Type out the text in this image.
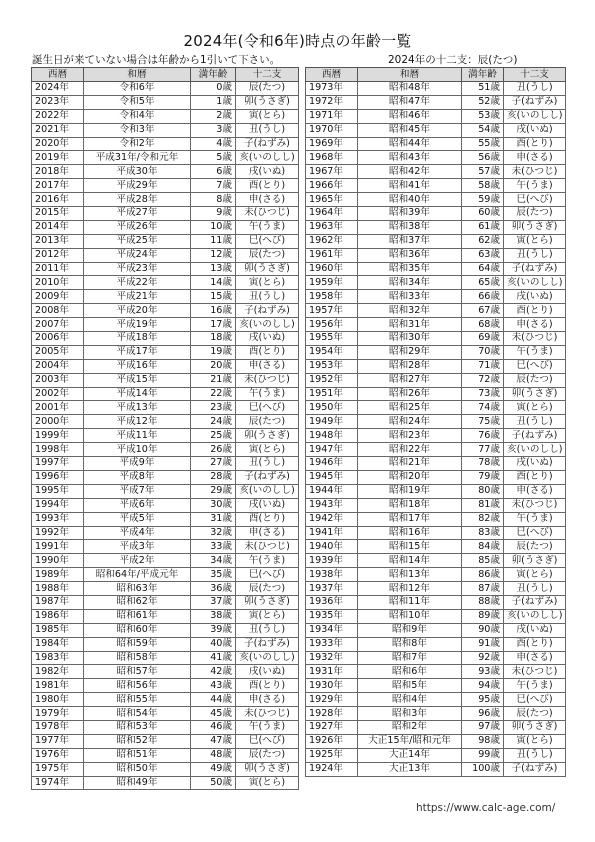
2024年(令和6年)時点の年齢一覧
誕生日が来ていない場合は年齢から1引いて下さい。	2024年の十二支：辰(たつ)
西暦	和暦	満年齢	十二支
2024年	令和6年	0歳	辰(たつ)
2023年	令和5年	1歳	卯(うさぎ)
2022年	令和4年	2歳	寅(とら)
2021年	令和3年	3歳	丑(うし)
2020年	令和2年	4歳	子(ねずみ)
2019年	平成31年/令和元年	5歳	亥(いのしし)
2018年	平成30年	6歳	戌(いぬ)
2017年	平成29年	7歳	酉(とり)
2016年	平成28年	8歳	申(さる)
2015年	平成27年	9歳	未(ひつじ)
2014年	平成26年	10歳	午(うま)
2013年	平成25年	11歳	巳(へび)
2012年	平成24年	12歳	辰(たつ)
2011年	平成23年	13歳	卯(うさぎ)
2010年	平成22年	14歳	寅(とら)
2009年	平成21年	15歳	丑(うし)
2008年	平成20年	16歳	子(ねずみ)
2007年	平成19年	17歳	亥(いのしし)
2006年	平成18年	18歳	戌(いぬ)
2005年	平成17年	19歳	酉(とり)
2004年	平成16年	20歳	申(さる)
2003年	平成15年	21歳	未(ひつじ)
2002年	平成14年	22歳	午(うま)
2001年	平成13年	23歳	巳(へび)
2000年	平成12年	24歳	辰(たつ)
1999年	平成11年	25歳	卯(うさぎ)
1998年	平成10年	26歳	寅(とら)
1997年	平成9年	27歳	丑(うし)
1996年	平成8年	28歳	子(ねずみ)
1995年	平成7年	29歳	亥(いのしし)
1994年	平成6年	30歳	戌(いぬ)
1993年	平成5年	31歳	酉(とり)
1992年	平成4年	32歳	申(さる)
1991年	平成3年	33歳	未(ひつじ)
1990年	平成2年	34歳	午(うま)
1989年	昭和64年/平成元年	35歳	巳(へび)
1988年	昭和63年	36歳	辰(たつ)
1987年	昭和62年	37歳	卯(うさぎ)
1986年	昭和61年	38歳	寅(とら)
1985年	昭和60年	39歳	丑(うし)
1984年	昭和59年	40歳	子(ねずみ)
1983年	昭和58年	41歳	亥(いのしし)
1982年	昭和57年	42歳	戌(いぬ)
1981年	昭和56年	43歳	酉(とり)
1980年	昭和55年	44歳	申(さる)
1979年	昭和54年	45歳	未(ひつじ)
1978年	昭和53年	46歳	午(うま)
1977年	昭和52年	47歳	巳(へび)
1976年	昭和51年	48歳	辰(たつ)
1975年	昭和50年	49歳	卯(うさぎ)
1974年	昭和49年	50歳	寅(とら)
西暦	和暦	満年齢	十二支
1973年	昭和48年	51歳	丑(うし)
1972年	昭和47年	52歳	子(ねずみ)
1971年	昭和46年	53歳	亥(いのしし)
1970年	昭和45年	54歳	戌(いぬ)
1969年	昭和44年	55歳	酉(とり)
1968年	昭和43年	56歳	申(さる)
1967年	昭和42年	57歳	未(ひつじ)
1966年	昭和41年	58歳	午(うま)
1965年	昭和40年	59歳	巳(へび)
1964年	昭和39年	60歳	辰(たつ)
1963年	昭和38年	61歳	卯(うさぎ)
1962年	昭和37年	62歳	寅(とら)
1961年	昭和36年	63歳	丑(うし)
1960年	昭和35年	64歳	子(ねずみ)
1959年	昭和34年	65歳	亥(いのしし)
1958年	昭和33年	66歳	戌(いぬ)
1957年	昭和32年	67歳	酉(とり)
1956年	昭和31年	68歳	申(さる)
1955年	昭和30年	69歳	未(ひつじ)
1954年	昭和29年	70歳	午(うま)
1953年	昭和28年	71歳	巳(へび)
1952年	昭和27年	72歳	辰(たつ)
1951年	昭和26年	73歳	卯(うさぎ)
1950年	昭和25年	74歳	寅(とら)
1949年	昭和24年	75歳	丑(うし)
1948年	昭和23年	76歳	子(ねずみ)
1947年	昭和22年	77歳	亥(いのしし)
1946年	昭和21年	78歳	戌(いぬ)
1945年	昭和20年	79歳	酉(とり)
1944年	昭和19年	80歳	申(さる)
1943年	昭和18年	81歳	未(ひつじ)
1942年	昭和17年	82歳	午(うま)
1941年	昭和16年	83歳	巳(へび)
1940年	昭和15年	84歳	辰(たつ)
1939年	昭和14年	85歳	卯(うさぎ)
1938年	昭和13年	86歳	寅(とら)
1937年	昭和12年	87歳	丑(うし)
1936年	昭和11年	88歳	子(ねずみ)
1935年	昭和10年	89歳	亥(いのしし)
1934年	昭和9年	90歳	戌(いぬ)
1933年	昭和8年	91歳	酉(とり)
1932年	昭和7年	92歳	申(さる)
1931年	昭和6年	93歳	未(ひつじ)
1930年	昭和5年	94歳	午(うま)
1929年	昭和4年	95歳	巳(へび)
1928年	昭和3年	96歳	辰(たつ)
1927年	昭和2年	97歳	卯(うさぎ)
1926年	大正15年/昭和元年	98歳	寅(とら)
1925年	大正14年	99歳	丑(うし)
1924年	大正13年	100歳	子(ねずみ)
https://www.calc-age.com/
